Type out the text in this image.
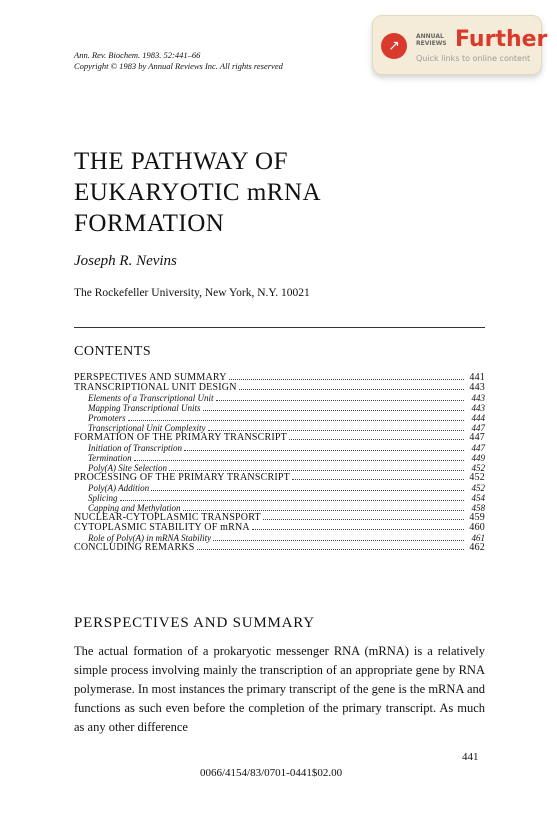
Ann. Rev. Biochem. 1983. 52:441–66
Copyright © 1983 by Annual Reviews Inc. All rights reserved
↗
ANNUAL REVIEWS Further
Quick links to online content
THE PATHWAY OF
EUKARYOTIC mRNA
FORMATION
Joseph R. Nevins
The Rockefeller University, New York, N.Y. 10021
CONTENTS
PERSPECTIVES AND SUMMARY	441
TRANSCRIPTIONAL UNIT DESIGN	443
Elements of a Transcriptional Unit	443
Mapping Transcriptional Units	443
Promoters	444
Transcriptional Unit Complexity	447
FORMATION OF THE PRIMARY TRANSCRIPT	447
Initiation of Transcription	447
Termination	449
Poly(A) Site Selection	452
PROCESSING OF THE PRIMARY TRANSCRIPT	452
Poly(A) Addition	452
Splicing	454
Capping and Methylation	458
NUCLEAR-CYTOPLASMIC TRANSPORT	459
CYTOPLASMIC STABILITY OF mRNA	460
Role of Poly(A) in mRNA Stability	461
CONCLUDING REMARKS	462
PERSPECTIVES AND SUMMARY
The actual formation of a prokaryotic messenger RNA (mRNA) is a relatively simple process involving mainly the transcription of an appropriate gene by RNA polymerase. In most instances the primary transcript of the gene is the mRNA and functions as such even before the completion of the primary transcript. As much as any other difference
441
0066/4154/83/0701-0441$02.00
